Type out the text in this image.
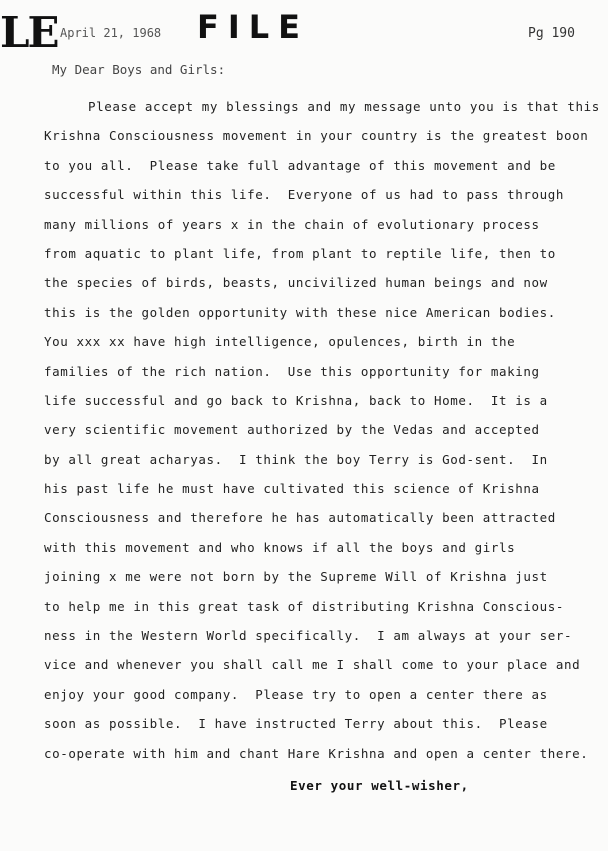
LE	FILE
April 21, 1968	Pg 190
My Dear Boys and Girls:
Please accept my blessings and my message unto you is that this
Krishna Consciousness movement in your country is the greatest boon
to you all.  Please take full advantage of this movement and be
successful within this life.  Everyone of us had to pass through
many millions of years x in the chain of evolutionary process
from aquatic to plant life, from plant to reptile life, then to
the species of birds, beasts, uncivilized human beings and now
this is the golden opportunity with these nice American bodies.
You xxx xx have high intelligence, opulences, birth in the
families of the rich nation.  Use this opportunity for making
life successful and go back to Krishna, back to Home.  It is a
very scientific movement authorized by the Vedas and accepted
by all great acharyas.  I think the boy Terry is God-sent.  In
his past life he must have cultivated this science of Krishna
Consciousness and therefore he has automatically been attracted
with this movement and who knows if all the boys and girls
joining x me were not born by the Supreme Will of Krishna just
to help me in this great task of distributing Krishna Conscious-
ness in the Western World specifically.  I am always at your ser-
vice and whenever you shall call me I shall come to your place and
enjoy your good company.  Please try to open a center there as
soon as possible.  I have instructed Terry about this.  Please
co-operate with him and chant Hare Krishna and open a center there.
Ever your well-wisher,
